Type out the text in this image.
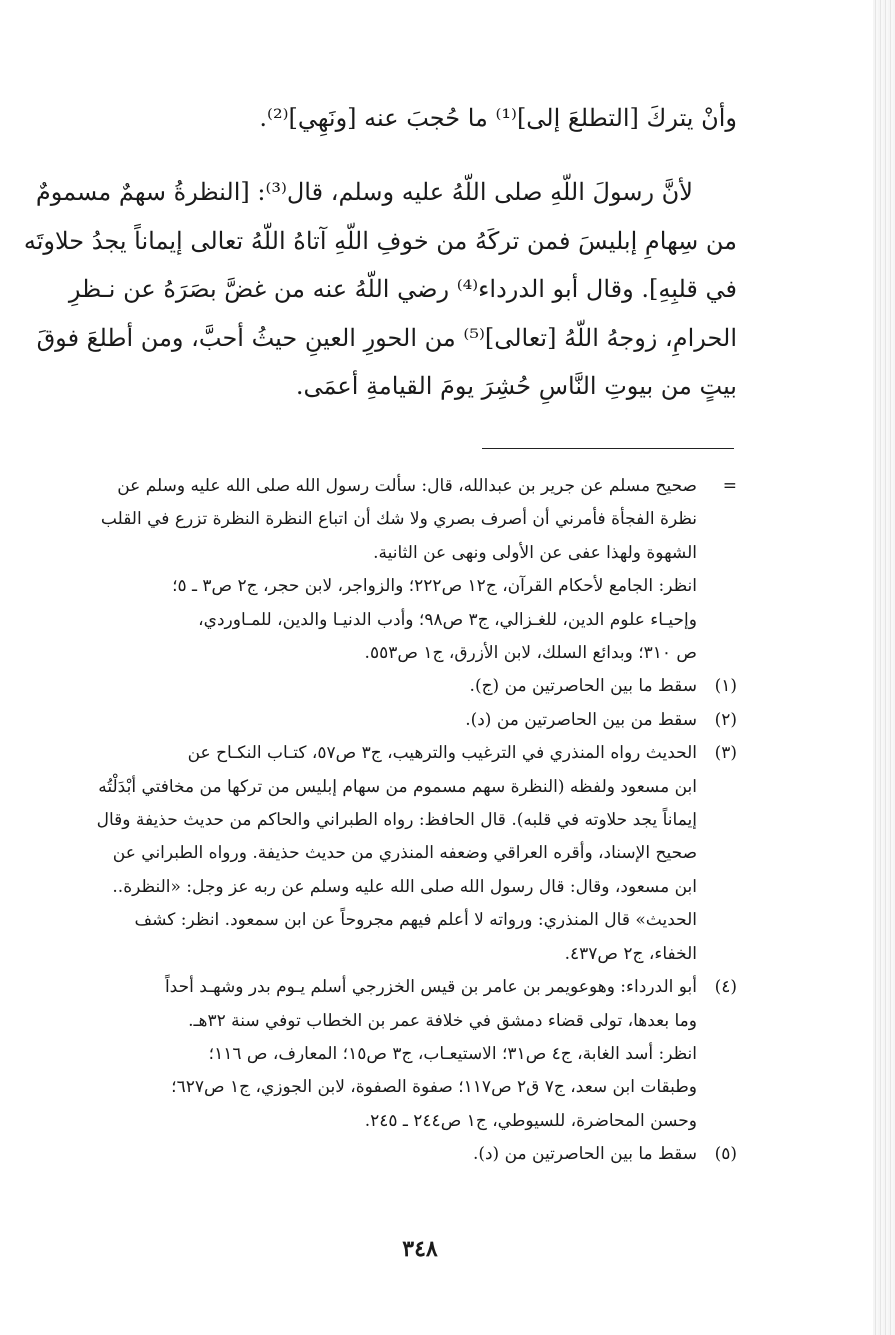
وأنْ يتركَ [التطلعَ إلى]⁽¹⁾ ما حُجبَ عنه [ونَهِي]⁽²⁾.

لأنَّ رسولَ اللّهِ صلى اللّهُ عليه وسلم، قال⁽³⁾: [النظرةُ سهمٌ مسمومٌ
من سِهامِ إبليسَ فمن تركَهُ من خوفِ اللّهِ آتاهُ اللّهُ تعالى إيماناً يجدُ حلاوتَه
في قلبِهِ]. وقال أبو الدرداء⁽⁴⁾ رضي اللّهُ عنه من غضَّ بصَرَهُ عن نـظرِ
الحرامِ، زوجهُ اللّهُ [تعالى]⁽⁵⁾ من الحورِ العينِ حيثُ أحبَّ، ومن أطلعَ فوقَ
بيتٍ من بيوتِ النَّاسِ حُشِرَ يومَ القيامةِ أعمَى.

=
صحيح مسلم عن جرير بن عبدالله، قال: سألت رسول الله صلى الله عليه وسلم عن
نظرة الفجأة فأمرني أن أصرف بصري ولا شك أن اتباع النظرة النظرة تزرع في القلب
الشهوة ولهذا عفى عن الأولى ونهى عن الثانية.
انظر: الجامع لأحكام القرآن، ج١٢ ص٢٢٢؛ والزواجر، لابن حجر، ج٢ ص٣ ـ ٥؛
وإحيـاء علوم الدين، للغـزالي، ج٣ ص٩٨؛ وأدب الدنيـا والدين، للمـاوردي،
ص ٣١٠؛ وبدائع السلك، لابن الأزرق، ج١ ص٥٥٣.
(١)
سقط ما بين الحاصرتين من (ج).
(٢)
سقط من بين الحاصرتين من (د).
(٣)
الحديث رواه المنذري في الترغيب والترهيب، ج٣ ص٥٧، كتـاب النكـاح عن
ابن مسعود ولفظه (النظرة سهم مسموم من سهام إبليس من تركها من مخافتي أبْدَلْتُه
إيماناً يجد حلاوته في قلبه). قال الحافظ: رواه الطبراني والحاكم من حديث حذيفة وقال
صحيح الإسناد، وأقره العراقي وضعفه المنذري من حديث حذيفة. ورواه الطبراني عن
ابن مسعود، وقال: قال رسول الله صلى الله عليه وسلم عن ربه عز وجل: «النظرة..
الحديث» قال المنذري: ورواته لا أعلم فيهم مجروحاً عن ابن سمعود. انظر: كشف
الخفاء، ج٢ ص٤٣٧.
(٤)
أبو الدرداء: وهوعويمر بن عامر بن قيس الخزرجي أسلم يـوم بدر وشهـد أحداً
وما بعدها، تولى قضاء دمشق في خلافة عمر بن الخطاب توفي سنة ٣٢هـ.
انظر: أسد الغابة، ج٤ ص٣١؛ الاستيعـاب، ج٣ ص١٥؛ المعارف، ص ١١٦؛
وطبقات ابن سعد، ج٧ ق٢ ص١١٧؛ صفوة الصفوة، لابن الجوزي، ج١ ص٦٢٧؛
وحسن المحاضرة، للسيوطي، ج١ ص٢٤٤ ـ ٢٤٥.
(٥)
سقط ما بين الحاصرتين من (د).
٣٤٨
